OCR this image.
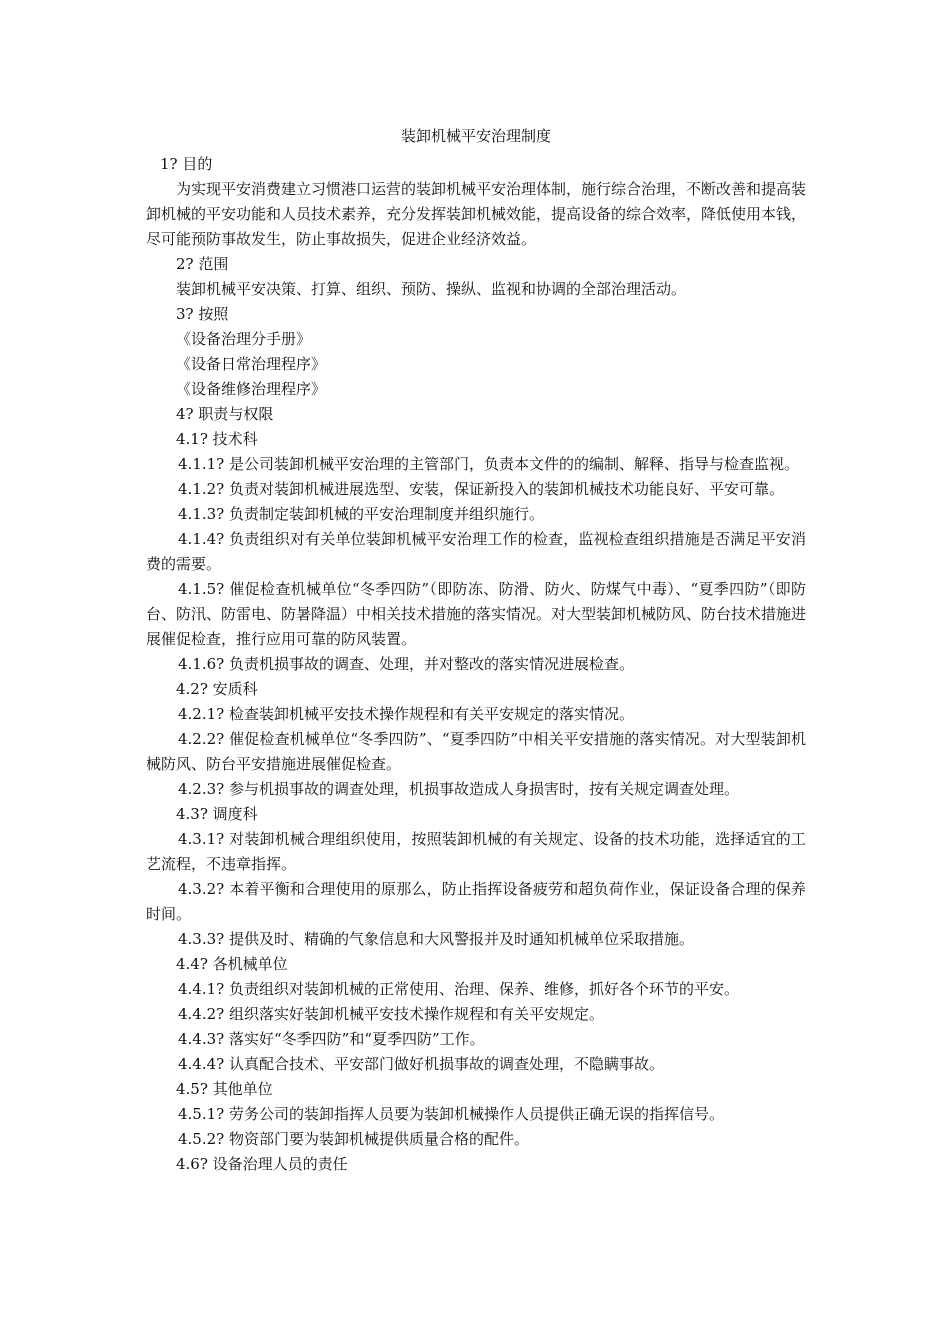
装卸机械平安治理制度

1? 目的

为实现平安消费建立习惯港口运营的装卸机械平安治理体制，施行综合治理，不断改善和提高装卸机械的平安功能和人员技术素养，充分发挥装卸机械效能，提高设备的综合效率，降低使用本钱，尽可能预防事故发生，防止事故损失，促进企业经济效益。

2? 范围

装卸机械平安决策、打算、组织、预防、操纵、监视和协调的全部治理活动。

3? 按照

《设备治理分手册》

《设备日常治理程序》

《设备维修治理程序》

4? 职责与权限

4.1? 技术科

4.1.1? 是公司装卸机械平安治理的主管部门，负责本文件的的编制、解释、指导与检查监视。

4.1.2? 负责对装卸机械进展选型、安装，保证新投入的装卸机械技术功能良好、平安可靠。

4.1.3? 负责制定装卸机械的平安治理制度并组织施行。

4.1.4? 负责组织对有关单位装卸机械平安治理工作的检查，监视检查组织措施是否满足平安消费的需要。

4.1.5? 催促检查机械单位“冬季四防”（即防冻、防滑、防火、防煤气中毒）、“夏季四防”（即防台、防汛、防雷电、防暑降温）中相关技术措施的落实情况。对大型装卸机械防风、防台技术措施进展催促检查，推行应用可靠的防风装置。

4.1.6? 负责机损事故的调查、处理，并对整改的落实情况进展检查。

4.2? 安质科

4.2.1? 检查装卸机械平安技术操作规程和有关平安规定的落实情况。

4.2.2? 催促检查机械单位“冬季四防”、“夏季四防”中相关平安措施的落实情况。对大型装卸机械防风、防台平安措施进展催促检查。

4.2.3? 参与机损事故的调查处理，机损事故造成人身损害时，按有关规定调查处理。

4.3? 调度科

4.3.1? 对装卸机械合理组织使用，按照装卸机械的有关规定、设备的技术功能，选择适宜的工艺流程，不违章指挥。

4.3.2? 本着平衡和合理使用的原那么，防止指挥设备疲劳和超负荷作业，保证设备合理的保养时间。

4.3.3? 提供及时、精确的气象信息和大风警报并及时通知机械单位采取措施。

4.4? 各机械单位

4.4.1? 负责组织对装卸机械的正常使用、治理、保养、维修，抓好各个环节的平安。

4.4.2? 组织落实好装卸机械平安技术操作规程和有关平安规定。

4.4.3? 落实好“冬季四防”和“夏季四防”工作。

4.4.4? 认真配合技术、平安部门做好机损事故的调查处理，不隐瞒事故。

4.5? 其他单位

4.5.1? 劳务公司的装卸指挥人员要为装卸机械操作人员提供正确无误的指挥信号。

4.5.2? 物资部门要为装卸机械提供质量合格的配件。

4.6? 设备治理人员的责任
